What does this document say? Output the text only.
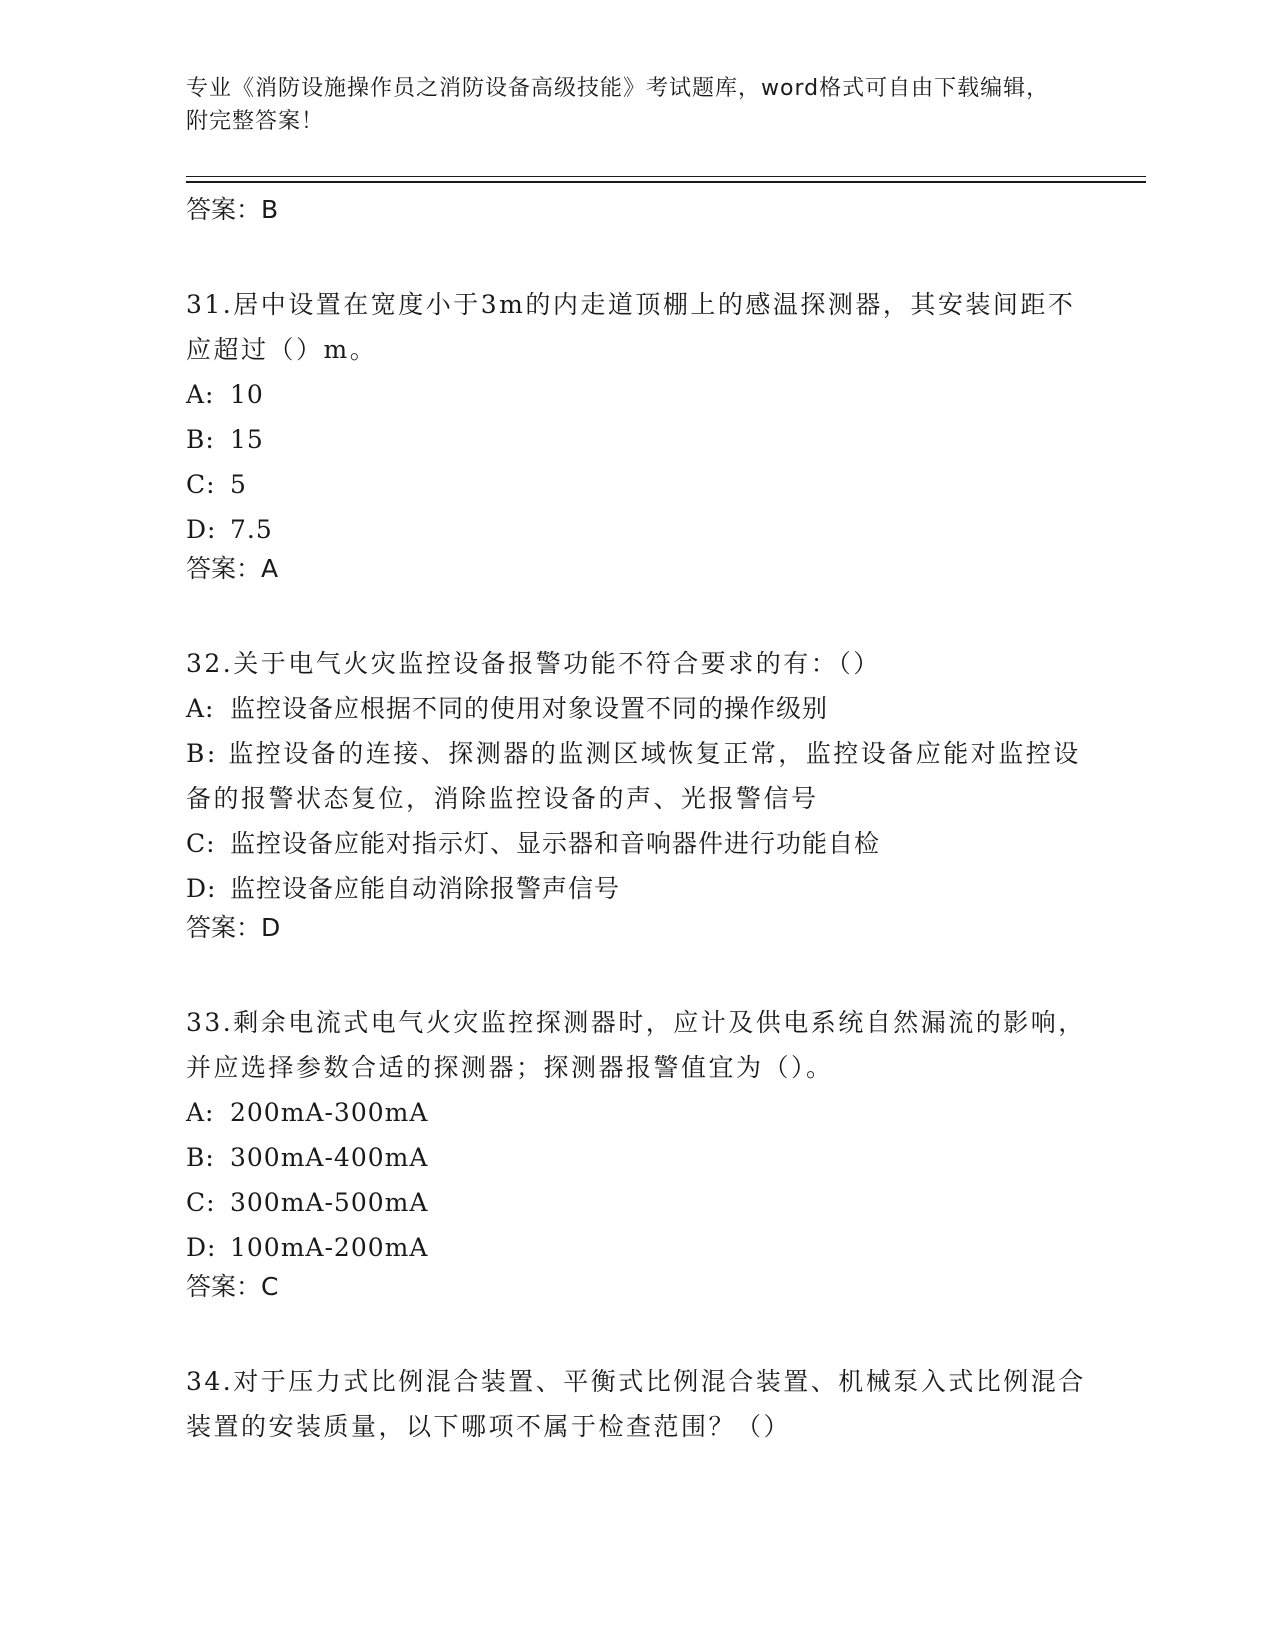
专业《消防设施操作员之消防设备高级技能》考试题库，word格式可自由下载编辑，附完整答案！

答案：B

31.居中设置在宽度小于3m的内走道顶棚上的感温探测器，其安装间距不应超过（）m。

A: 10

B: 15

C: 5

D: 7.5

答案：A

32.关于电气火灾监控设备报警功能不符合要求的有：（）

A: 监控设备应根据不同的使用对象设置不同的操作级别

B: 监控设备的连接、探测器的监测区域恢复正常，监控设备应能对监控设备的报警状态复位，消除监控设备的声、光报警信号

C: 监控设备应能对指示灯、显示器和音响器件进行功能自检

D: 监控设备应能自动消除报警声信号

答案：D

33.剩余电流式电气火灾监控探测器时，应计及供电系统自然漏流的影响，并应选择参数合适的探测器；探测器报警值宜为（）。

A: 200mA-300mA

B: 300mA-400mA

C: 300mA-500mA

D: 100mA-200mA

答案：C

34.对于压力式比例混合装置、平衡式比例混合装置、机械泵入式比例混合装置的安装质量，以下哪项不属于检查范围？（）
